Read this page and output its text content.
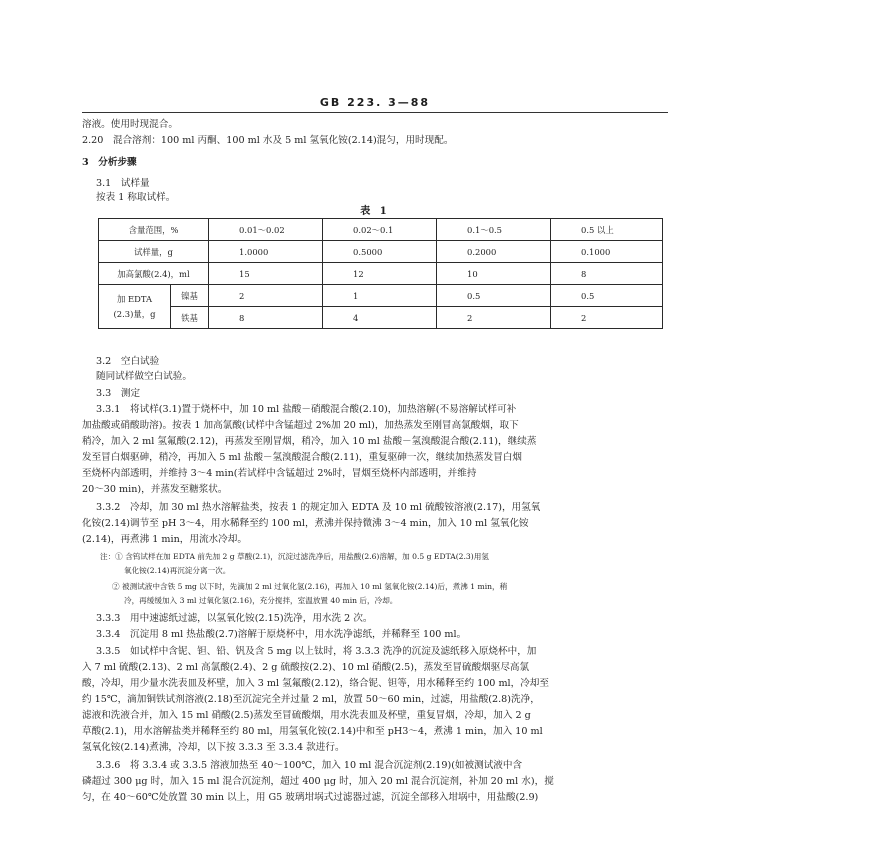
GB 223. 3—88
溶液。使用时现混合。
2.20　混合溶剂：100 ml 丙酮、100 ml 水及 5 ml 氢氧化铵(2.14)混匀，用时现配。
3　分析步骤
3.1　试样量
按表 1 称取试样。
表 1
含量范围，%		0.01～0.02	0.02～0.1	0.1～0.5	0.5 以上
试样量，g		1.0000	0.5000	0.2000	0.1000
加高氯酸(2.4)，ml		15	12	10	8

加 EDTA
(2.3)量，g	镍基	2	1	0.5	0.5
	铁基	8	4	2	2
3.2　空白试验
随同试样做空白试验。
3.3　测定
3.3.1　将试样(3.1)置于烧杯中，加 10 ml 盐酸－硝酸混合酸(2.10)，加热溶解(不易溶解试样可补
加盐酸或硝酸助溶)。按表 1 加高氯酸(试样中含锰超过 2%加 20 ml)，加热蒸发至刚冒高氯酸烟，取下
稍冷，加入 2 ml 氢氟酸(2.12)，再蒸发至刚冒烟，稍冷，加入 10 ml 盐酸－氢溴酸混合酸(2.11)，继续蒸
发至冒白烟驱砷，稍冷，再加入 5 ml 盐酸－氢溴酸混合酸(2.11)，重复驱砷一次，继续加热蒸发冒白烟
至烧杯内部透明，并维持 3～4 min(若试样中含锰超过 2%时，冒烟至烧杯内部透明，并维持
20～30 min)，并蒸发至糖浆状。
3.3.2　冷却，加 30 ml 热水溶解盐类，按表 1 的规定加入 EDTA 及 10 ml 硫酸铵溶液(2.17)，用氢氧
化铵(2.14)调节至 pH 3～4，用水稀释至约 100 ml，煮沸并保持微沸 3～4 min，加入 10 ml 氢氧化铵
(2.14)，再煮沸 1 min，用流水冷却。
注：① 含钨试样在加 EDTA 前先加 2 g 草酸(2.1)，沉淀过滤洗净后，用盐酸(2.6)溶解，加 0.5 g EDTA(2.3)用氢
氧化铵(2.14)再沉淀分离一次。
② 被测试液中含铁 5 mg 以下时，先滴加 2 ml 过氧化氢(2.16)，再加入 10 ml 氢氧化铵(2.14)后，煮沸 1 min，稍
冷，再缓缓加入 3 ml 过氧化氢(2.16)，充分搅拌，室温放置 40 min 后，冷却。
3.3.3　用中速滤纸过滤，以氢氧化铵(2.15)洗净，用水洗 2 次。
3.3.4　沉淀用 8 ml 热盐酸(2.7)溶解于原烧杯中，用水洗净滤纸，并稀释至 100 ml。
3.3.5　如试样中含铌、钽、铅、钒及含 5 mg 以上钛时，将 3.3.3 洗净的沉淀及滤纸移入原烧杯中，加
入 7 ml 硫酸(2.13)、2 ml 高氯酸(2.4)、2 g 硫酸按(2.2)、10 ml 硝酸(2.5)，蒸发至冒硫酸烟驱尽高氯
酸，冷却，用少量水洗表皿及杯壁，加入 3 ml 氢氟酸(2.12)，络合铌、钽等，用水稀释至约 100 ml，冷却至
约 15℃，滴加铜铁试剂溶液(2.18)至沉淀完全并过量 2 ml，放置 50～60 min，过滤，用盐酸(2.8)洗净，
滤液和洗液合并，加入 15 ml 硝酸(2.5)蒸发至冒硫酸烟，用水洗表皿及杯壁，重复冒烟，冷却，加入 2 g
草酸(2.1)，用水溶解盐类并稀释至约 80 ml，用氢氧化铵(2.14)中和至 pH3～4，煮沸 1 min，加入 10 ml
氢氧化铵(2.14)煮沸，冷却，以下按 3.3.3 至 3.3.4 款进行。
3.3.6　将 3.3.4 或 3.3.5 溶液加热至 40～100℃，加入 10 ml 混合沉淀剂(2.19)(如被测试液中含
磷超过 300 μg 时，加入 15 ml 混合沉淀剂，超过 400 μg 时，加入 20 ml 混合沉淀剂，补加 20 ml 水)，搅
匀，在 40～60℃处放置 30 min 以上，用 G5 玻璃坩埚式过滤器过滤，沉淀全部移入坩埚中，用盐酸(2.9)
